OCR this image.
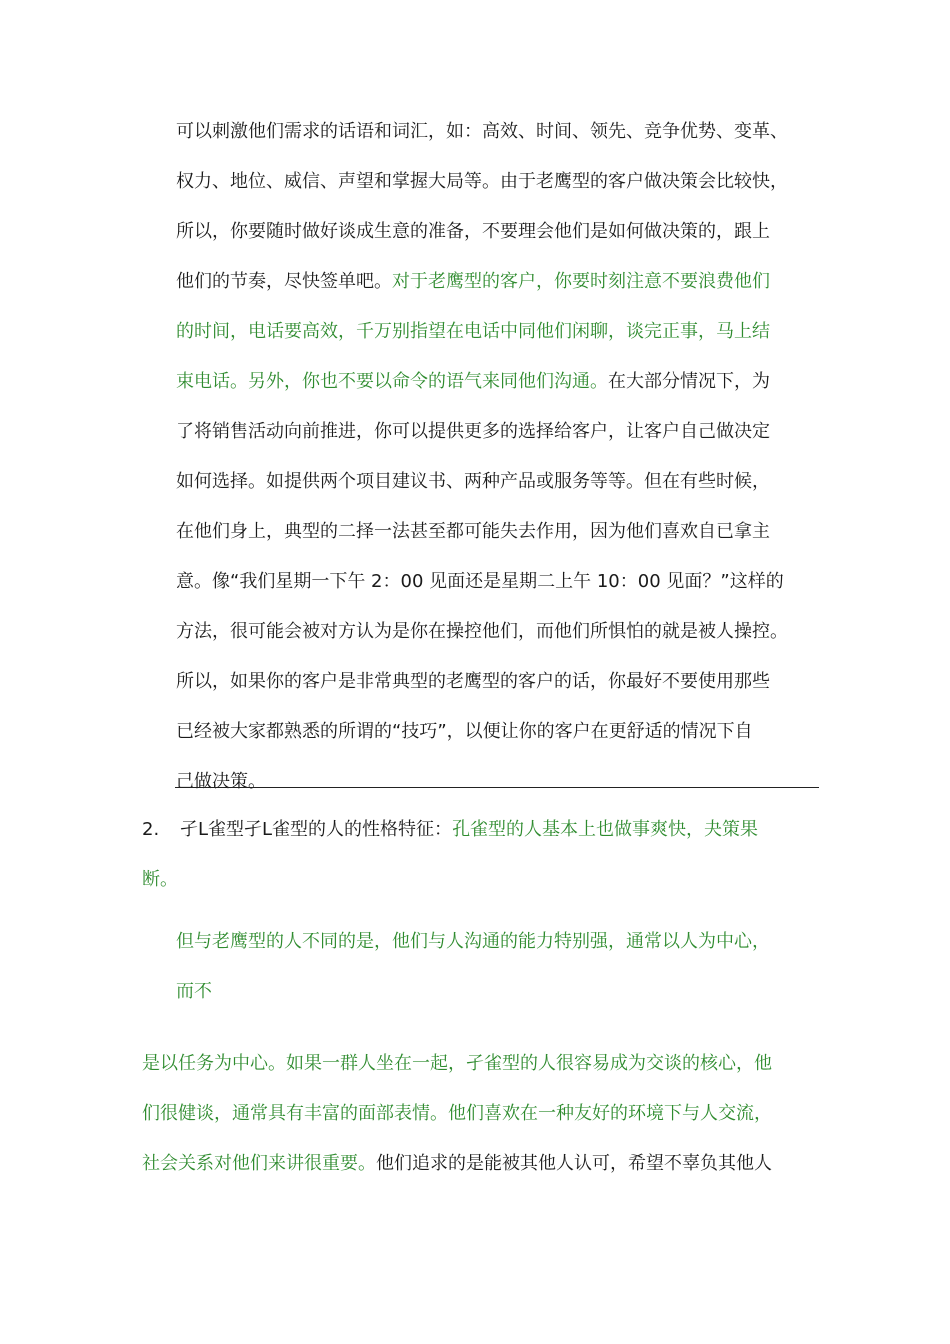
可以刺激他们需求的话语和词汇，如：高效、时间、领先、竞争优势、变革、
权力、地位、威信、声望和掌握大局等。由于老鹰型的客户做决策会比较快，
所以，你要随时做好谈成生意的准备，不要理会他们是如何做决策的，跟上
他们的节奏，尽快签单吧。对于老鹰型的客户，你要时刻注意不要浪费他们
的时间，电话要高效，千万别指望在电话中同他们闲聊，谈完正事，马上结
束电话。另外，你也不要以命令的语气来同他们沟通。在大部分情况下，为
了将销售活动向前推进，你可以提供更多的选择给客户，让客户自己做决定
如何选择。如提供两个项目建议书、两种产品或服务等等。但在有些时候，
在他们身上，典型的二择一法甚至都可能失去作用，因为他们喜欢自已拿主
意。像“我们星期一下午 2：00 见面还是星期二上午 10：00 见面？”这样的
方法，很可能会被对方认为是你在操控他们，而他们所惧怕的就是被人操控。
所以，如果你的客户是非常典型的老鹰型的客户的话，你最好不要使用那些
已经被大家都熟悉的所谓的“技巧”，以便让你的客户在更舒适的情况下自
己做决策。
2. 孑L雀型孑L雀型的人的性格特征：孔雀型的人基本上也做事爽快，夬策果
断。
但与老鹰型的人不同的是，他们与人沟通的能力特别强，通常以人为中心，
而不
是以任务为中心。如果一群人坐在一起，孑雀型的人很容易成为交谈的核心，他
们很健谈，通常具有丰富的面部表情。他们喜欢在一种友好的环境下与人交流，
社会关系对他们来讲很重要。他们追求的是能被其他人认可，希望不辜负其他人
